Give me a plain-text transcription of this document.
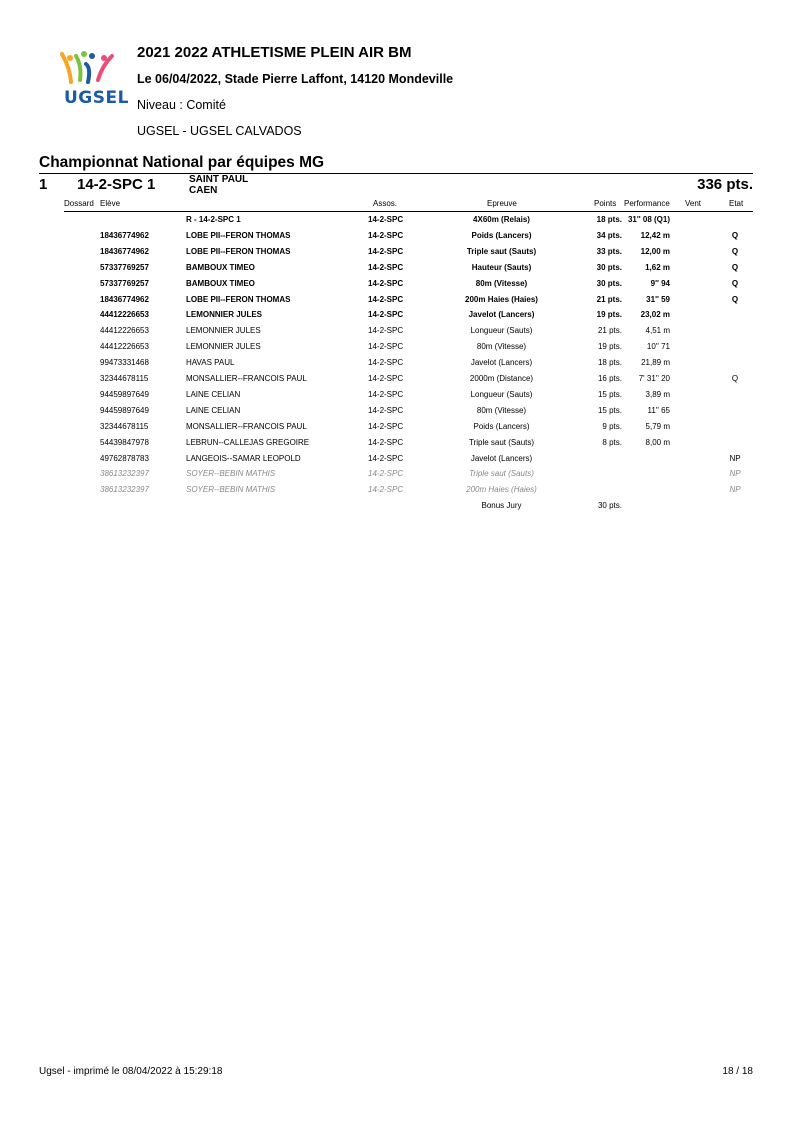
UGSEL
2021 2022 ATHLETISME PLEIN AIR BM
Le 06/04/2022, Stade Pierre Laffont, 14120 Mondeville
Niveau : Comité
UGSEL - UGSEL CALVADOS
Championnat National par équipes MG
1 14-2-SPC 1	SAINT PAUL
CAEN	336 pts.
Dossard Elève	Assos.	Epreuve	Points Performance Vent	Etat
R - 14-2-SPC 1	14-2-SPC	4X60m (Relais)	18 pts. 31'' 08 (Q1)
18436774962	LOBE PII--FERON THOMAS	14-2-SPC	Poids (Lancers)	34 pts.	12,42 m	Q
18436774962	LOBE PII--FERON THOMAS	14-2-SPC	Triple saut (Sauts)	33 pts.	12,00 m	Q
57337769257	BAMBOUX TIMEO	14-2-SPC	Hauteur (Sauts)	30 pts.	1,62 m	Q
57337769257	BAMBOUX TIMEO	14-2-SPC	80m (Vitesse)	30 pts.	9'' 94	Q
18436774962	LOBE PII--FERON THOMAS	14-2-SPC	200m Haies (Haies)	21 pts.	31'' 59	Q
44412226653	LEMONNIER JULES	14-2-SPC	Javelot (Lancers)	19 pts.	23,02 m
44412226653	LEMONNIER JULES	14-2-SPC	Longueur (Sauts)	21 pts.	4,51 m
44412226653	LEMONNIER JULES	14-2-SPC	80m (Vitesse)	19 pts.	10'' 71
99473331468	HAVAS PAUL	14-2-SPC	Javelot (Lancers)	18 pts.	21,89 m
32344678115	MONSALLIER--FRANCOIS PAUL	14-2-SPC	2000m (Distance)	16 pts.	7' 31'' 20	Q
94459897649	LAINE CELIAN	14-2-SPC	Longueur (Sauts)	15 pts.	3,89 m
94459897649	LAINE CELIAN	14-2-SPC	80m (Vitesse)	15 pts.	11'' 65
32344678115	MONSALLIER--FRANCOIS PAUL	14-2-SPC	Poids (Lancers)	9 pts.	5,79 m
54439847978	LEBRUN--CALLEJAS GREGOIRE	14-2-SPC	Triple saut (Sauts)	8 pts.	8,00 m
49762878783	LANGEOIS--SAMAR LEOPOLD	14-2-SPC	Javelot (Lancers)	NP
38613232397	SOYER--BEBIN MATHIS	14-2-SPC	Triple saut (Sauts)	NP
38613232397	SOYER--BEBIN MATHIS	14-2-SPC	200m Haies (Haies)	NP
Bonus Jury	30 pts.
Ugsel - imprimé le 08/04/2022 à 15:29:18	18 / 18
